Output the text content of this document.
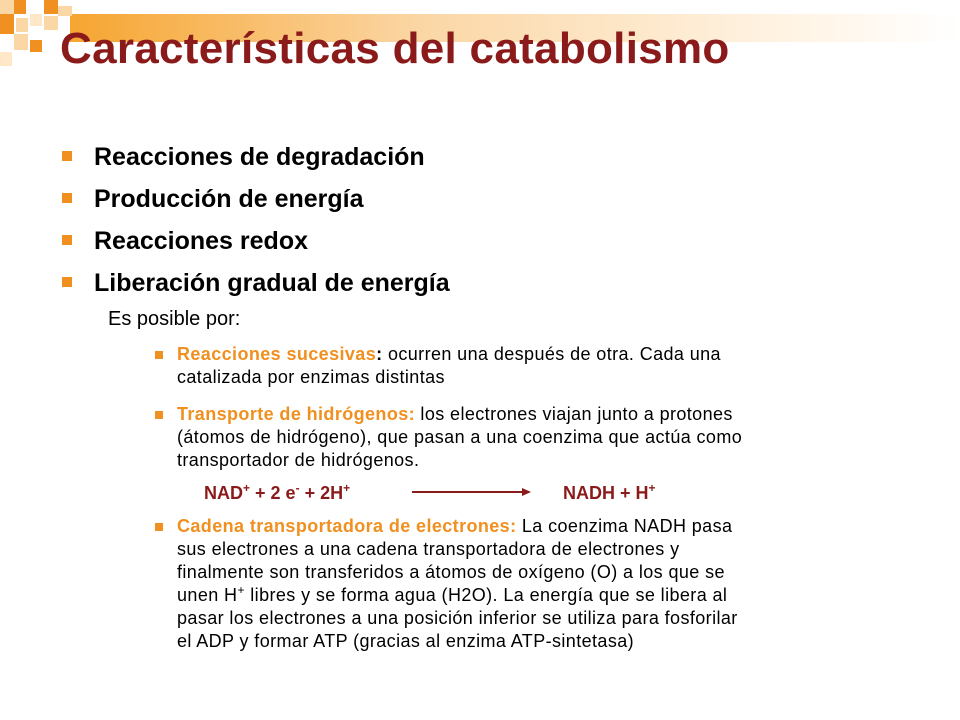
Características del catabolismo
Reacciones de degradación
Producción de energía
Reacciones redox
Liberación gradual de energía
Es posible por:
Reacciones sucesivas: ocurren una después de otra. Cada una
catalizada por enzimas distintas
Transporte de hidrógenos: los electrones viajan junto a protones
(átomos de hidrógeno), que pasan a una coenzima que actúa como
transportador de hidrógenos.
NAD+ + 2 e- + 2H+	NADH + H+
Cadena transportadora de electrones: La coenzima NADH pasa
sus electrones a una cadena transportadora de electrones y
finalmente son transferidos a átomos de oxígeno (O) a los que se
unen H+ libres y se forma agua (H2O). La energía que se libera al
pasar los electrones a una posición inferior se utiliza para fosforilar
el ADP y formar ATP (gracias al enzima ATP-sintetasa)
